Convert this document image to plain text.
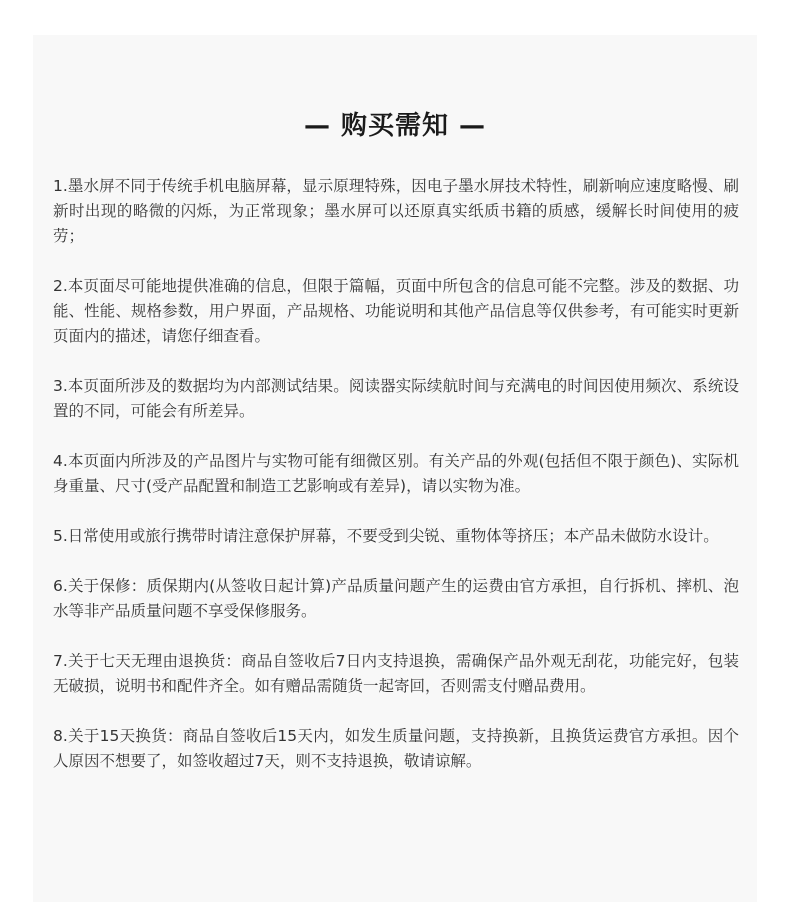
— 购买需知 —
1.墨水屏不同于传统手机电脑屏幕，显示原理特殊，因电子墨水屏技术特性，刷新响应速度略慢、刷新时出现的略微的闪烁，为正常现象；墨水屏可以还原真实纸质书籍的质感，缓解长时间使用的疲劳；
2.本页面尽可能地提供准确的信息，但限于篇幅，页面中所包含的信息可能不完整。涉及的数据、功能、性能、规格参数，用户界面，产品规格、功能说明和其他产品信息等仅供参考，有可能实时更新页面内的描述，请您仔细查看。
3.本页面所涉及的数据均为内部测试结果。阅读器实际续航时间与充满电的时间因使用频次、系统设置的不同，可能会有所差异。
4.本页面内所涉及的产品图片与实物可能有细微区别。有关产品的外观(包括但不限于颜色)、实际机身重量、尺寸(受产品配置和制造工艺影响或有差异)，请以实物为准。
5.日常使用或旅行携带时请注意保护屏幕，不要受到尖锐、重物体等挤压；本产品未做防水设计。
6.关于保修：质保期内(从签收日起计算)产品质量问题产生的运费由官方承担，自行拆机、摔机、泡水等非产品质量问题不享受保修服务。
7.关于七天无理由退换货：商品自签收后7日内支持退换，需确保产品外观无刮花，功能完好，包装无破损，说明书和配件齐全。如有赠品需随货一起寄回，否则需支付赠品费用。
8.关于15天换货：商品自签收后15天内，如发生质量问题，支持换新，且换货运费官方承担。因个人原因不想要了，如签收超过7天，则不支持退换，敬请谅解。
